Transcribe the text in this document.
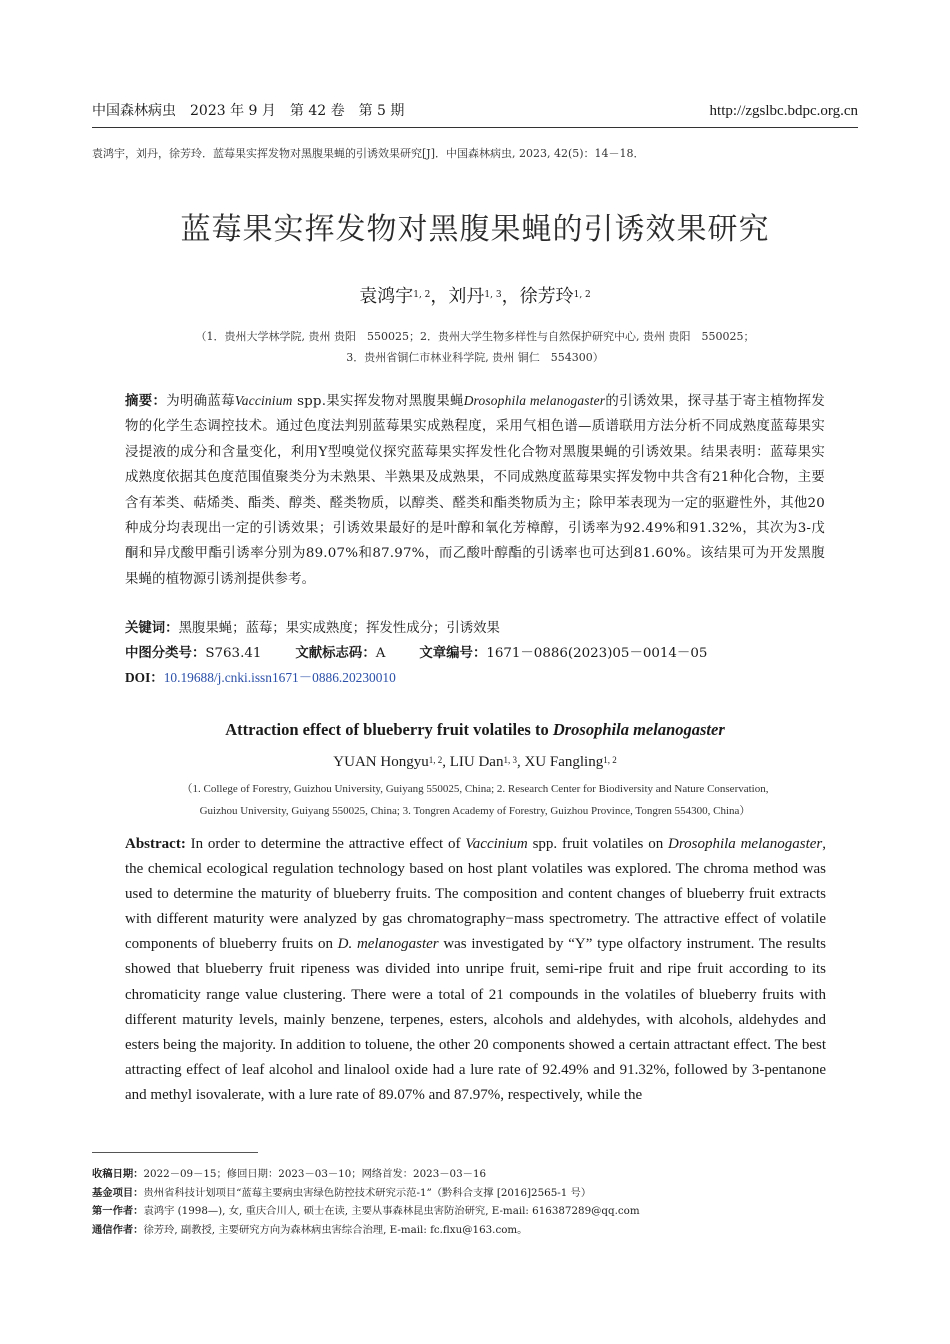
中国森林病虫　2023 年 9 月　第 42 卷　第 5 期	http://zgslbc.bdpc.org.cn
袁鸿宇，刘丹，徐芳玲．蓝莓果实挥发物对黑腹果蝇的引诱效果研究[J]．中国森林病虫, 2023, 42(5)：14－18．
蓝莓果实挥发物对黑腹果蝇的引诱效果研究
袁鸿宇$^{1, 2}$，刘丹$^{1, 3}$，徐芳玲$^{1, 2}$
（1．贵州大学林学院, 贵州 贵阳　550025；2．贵州大学生物多样性与自然保护研究中心, 贵州 贵阳　550025；
3．贵州省铜仁市林业科学院, 贵州 铜仁　554300）
摘要：为明确蓝莓Vaccinium spp.果实挥发物对黑腹果蝇Drosophila melanogaster的引诱效果，探寻基于寄主植物挥发物的化学生态调控技术。通过色度法判别蓝莓果实成熟程度，采用气相色谱—质谱联用方法分析不同成熟度蓝莓果实浸提液的成分和含量变化，利用Y型嗅觉仪探究蓝莓果实挥发性化合物对黑腹果蝇的引诱效果。结果表明：蓝莓果实成熟度依据其色度范围值聚类分为未熟果、半熟果及成熟果，不同成熟度蓝莓果实挥发物中共含有21种化合物，主要含有苯类、萜烯类、酯类、醇类、醛类物质，以醇类、醛类和酯类物质为主；除甲苯表现为一定的驱避性外，其他20种成分均表现出一定的引诱效果；引诱效果最好的是叶醇和氧化芳樟醇，引诱率为92.49%和91.32%，其次为3-戊酮和异戊酸甲酯引诱率分别为89.07%和87.97%，而乙酸叶醇酯的引诱率也可达到81.60%。该结果可为开发黑腹果蝇的植物源引诱剂提供参考。
关键词：黑腹果蝇；蓝莓；果实成熟度；挥发性成分；引诱效果
中图分类号：S763.41	文献标志码：A	文章编号：1671－0886(2023)05－0014－05
DOI：10.19688/j.cnki.issn1671－0886.20230010
Attraction effect of blueberry fruit volatiles to Drosophila melanogaster
YUAN Hongyu$^{1, 2}$, LIU Dan$^{1, 3}$, XU Fangling$^{1, 2}$
（1. College of Forestry, Guizhou University, Guiyang 550025, China; 2. Research Center for Biodiversity and Nature Conservation,
Guizhou University, Guiyang 550025, China; 3. Tongren Academy of Forestry, Guizhou Province, Tongren 554300, China）
Abstract: In order to determine the attractive effect of Vaccinium spp. fruit volatiles on Drosophila melanogaster, the chemical ecological regulation technology based on host plant volatiles was explored. The chroma method was used to determine the maturity of blueberry fruits. The composition and content changes of blueberry fruit extracts with different maturity were analyzed by gas chromatography−mass spectrometry. The attractive effect of volatile components of blueberry fruits on D. melanogaster was investigated by “Y” type olfactory instrument. The results showed that blueberry fruit ripeness was divided into unripe fruit, semi-ripe fruit and ripe fruit according to its chromaticity range value clustering. There were a total of 21 compounds in the volatiles of blueberry fruits with different maturity levels, mainly benzene, terpenes, esters, alcohols and aldehydes, with alcohols, aldehydes and esters being the majority. In addition to toluene, the other 20 components showed a certain attractant effect. The best attracting effect of leaf alcohol and linalool oxide had a lure rate of 92.49% and 91.32%, followed by 3-pentanone and methyl isovalerate, with a lure rate of 89.07% and 87.97%, respectively, while the
收稿日期：2022－09－15；修回日期：2023－03－10；网络首发：2023－03－16
基金项目：贵州省科技计划项目“蓝莓主要病虫害绿色防控技术研究示范-1”（黔科合支撑 [2016]2565-1 号）
第一作者：袁鸿宇 (1998—), 女, 重庆合川人, 硕士在读, 主要从事森林昆虫害防治研究, E-mail: 616387289@qq.com
通信作者：徐芳玲, 副教授, 主要研究方向为森林病虫害综合治理, E-mail: fc.flxu@163.com。
